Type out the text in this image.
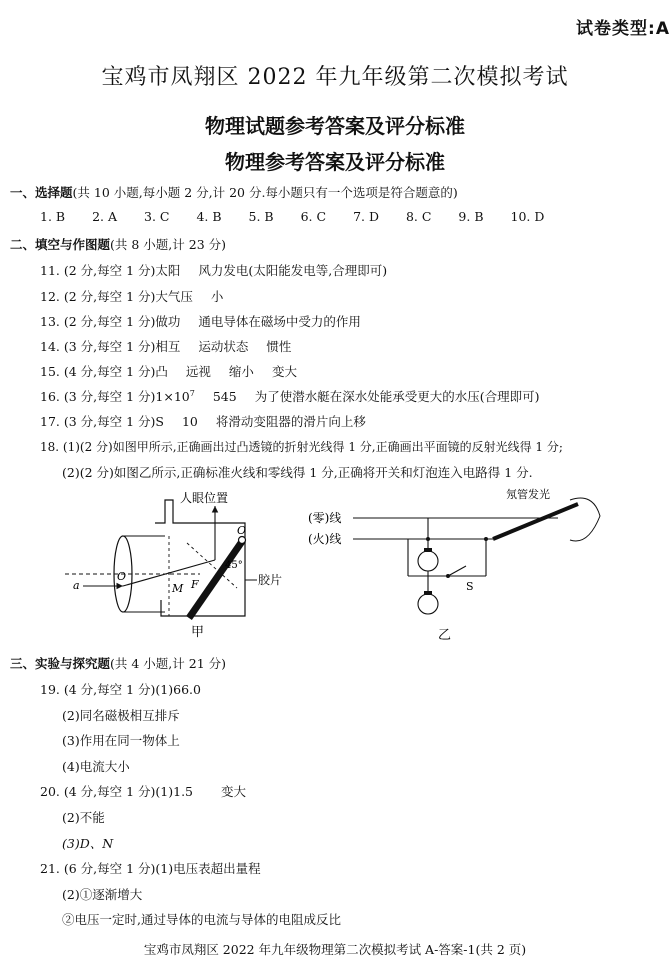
试卷类型:A
宝鸡市凤翔区 2022 年九年级第二次模拟考试
物理试题参考答案及评分标准
物理参考答案及评分标准
一、选择题(共 10 小题,每小题 2 分,计 20 分.每小题只有一个选项是符合题意的)
1. B 2. A 3. C 4. B 5. B 6. C 7. D 8. C 9. B 10. D
二、填空与作图题(共 8 小题,计 23 分)
11. (2 分,每空 1 分)太阳 风力发电(太阳能发电等,合理即可)
12. (2 分,每空 1 分)大气压 小
13. (2 分,每空 1 分)做功 通电导体在磁场中受力的作用
14. (3 分,每空 1 分)相互 运动状态 惯性
15. (4 分,每空 1 分)凸 远视 缩小 变大
16. (3 分,每空 1 分)$1\times 10^7$ 545 为了使潜水艇在深水处能承受更大的水压(合理即可)
17. (3 分,每空 1 分)S 10 将滑动变阻器的滑片向上移
18. (1)(2 分)如图甲所示,正确画出过凸透镜的折射光线得 1 分,正确画出平面镜的反射光线得 1 分;
(2)(2 分)如图乙所示,正确标准火线和零线得 1 分,正确将开关和灯泡连入电路得 1 分.
人眼位置
胶片
45°
a
O
O
F
M
甲
(零)线
(火)线
氖管发光
S
乙
三、实验与探究题(共 4 小题,计 21 分)
19. (4 分,每空 1 分)(1)66.0
(2)同名磁极相互排斥
(3)作用在同一物体上
(4)电流大小
20. (4 分,每空 1 分)(1)1.5 变大
(2)不能
(3)D、N
21. (6 分,每空 1 分)(1)电压表超出量程
(2)①逐渐增大
②电压一定时,通过导体的电流与导体的电阻成反比
宝鸡市凤翔区 2022 年九年级物理第二次模拟考试 A-答案-1(共 2 页)
